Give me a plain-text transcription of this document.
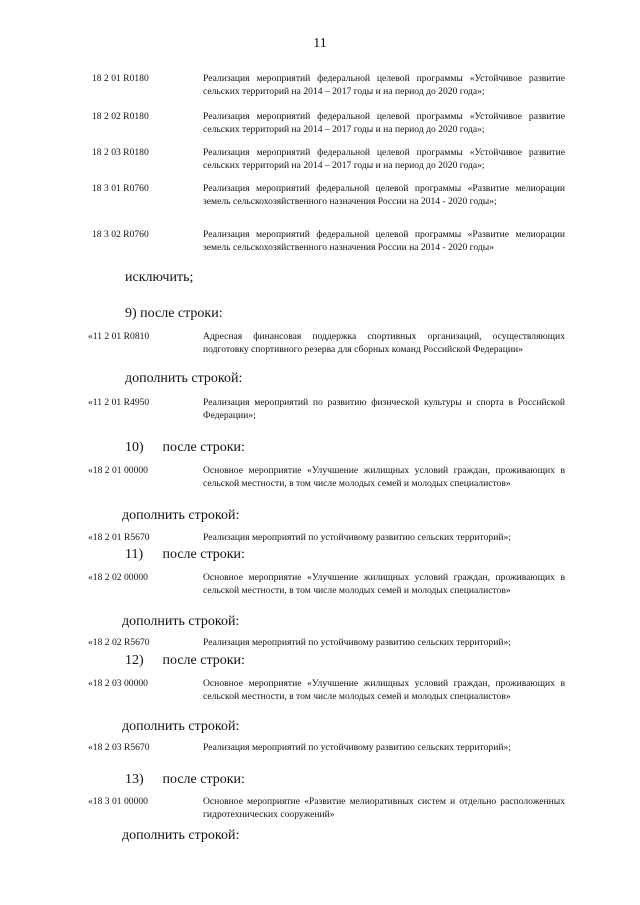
11
18 2 01 R0180	Реализация мероприятий федеральной целевой программы «Устойчивое развитие сельских территорий на 2014 – 2017 годы и на период до 2020 года»;
18 2 02 R0180	Реализация мероприятий федеральной целевой программы «Устойчивое развитие сельских территорий на 2014 – 2017 годы и на период до 2020 года»;
18 2 03 R0180	Реализация мероприятий федеральной целевой программы «Устойчивое развитие сельских территорий на 2014 – 2017 годы и на период до 2020 года»;
18 3 01 R0760	Реализация мероприятий федеральной целевой программы «Развитие мелиорации земель сельскохозяйственного назначения России на 2014 - 2020 годы»;
18 3 02 R0760	Реализация мероприятий федеральной целевой программы «Развитие мелиорации земель сельскохозяйственного назначения России на 2014 - 2020 годы»
исключить;
9) после строки:
«11 2 01 R0810	Адресная финансовая поддержка спортивных организаций, осуществляющих подготовку спортивного резерва для сборных команд Российской Федерации»
дополнить строкой:
«11 2 01 R4950	Реализация мероприятий по развитию физической культуры и спорта в Российской Федерации»;
10) после строки:
«18 2 01 00000	Основное мероприятие «Улучшение жилищных условий граждан, проживающих в сельской местности, в том числе молодых семей и молодых специалистов»
дополнить строкой:
«18 2 01 R5670	Реализация мероприятий по устойчивому развитию сельских территорий»;
11) после строки:
«18 2 02 00000	Основное мероприятие «Улучшение жилищных условий граждан, проживающих в сельской местности, в том числе молодых семей и молодых специалистов»
дополнить строкой:
«18 2 02 R5670	Реализация мероприятий по устойчивому развитию сельских территорий»;
12) после строки:
«18 2 03 00000	Основное мероприятие «Улучшение жилищных условий граждан, проживающих в сельской местности, в том числе молодых семей и молодых специалистов»
дополнить строкой:
«18 2 03 R5670	Реализация мероприятий по устойчивому развитию сельских территорий»;
13) после строки:
«18 3 01 00000	Основное мероприятие «Развитие мелиоративных систем и отдельно расположенных гидротехнических сооружений»
дополнить строкой:
